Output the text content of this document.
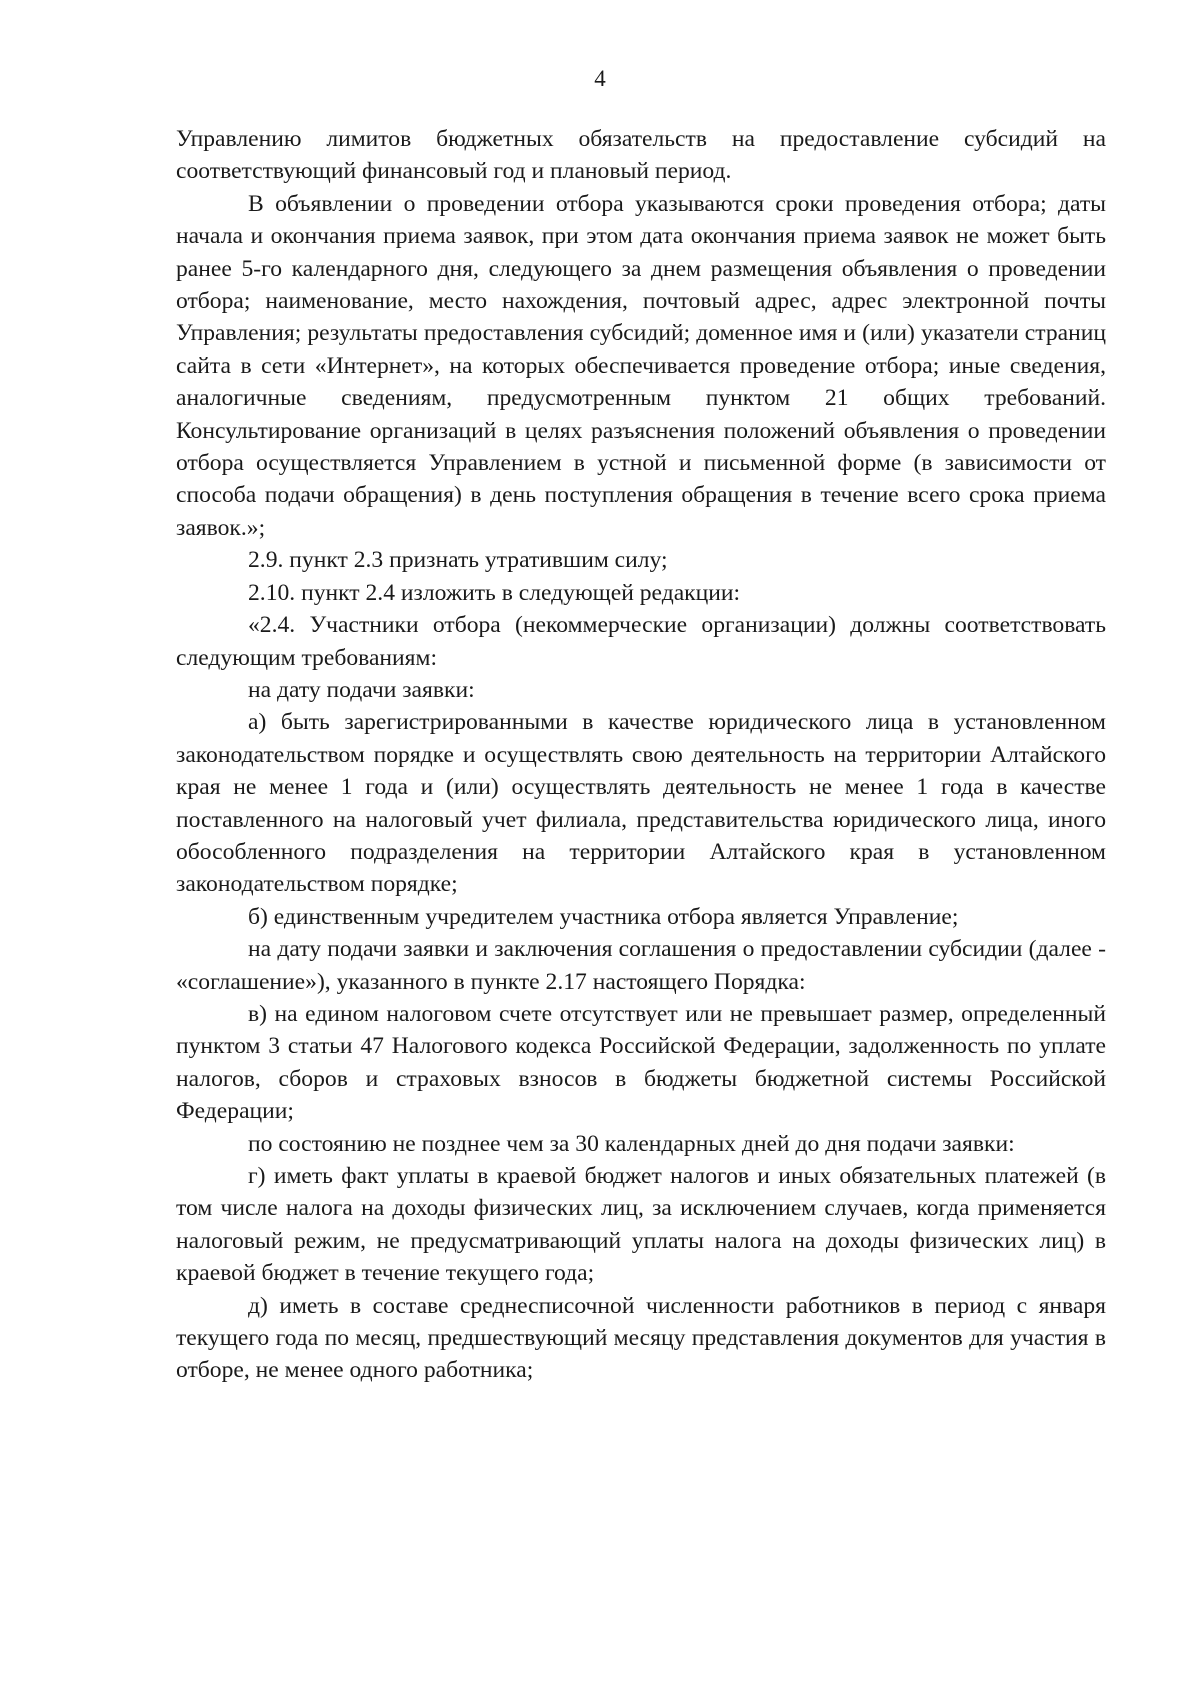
4

Управлению лимитов бюджетных обязательств на предоставление субсидий на соответствующий финансовый год и плановый период.

В объявлении о проведении отбора указываются сроки проведения отбора; даты начала и окончания приема заявок, при этом дата окончания приема заявок не может быть ранее 5-го календарного дня, следующего за днем размещения объявления о проведении отбора; наименование, место нахождения, почтовый адрес, адрес электронной почты Управления; результаты предоставления субсидий; доменное имя и (или) указатели страниц сайта в сети «Интернет», на которых обеспечивается проведение отбора; иные сведения, аналогичные сведениям, предусмотренным пунктом 21 общих требований. Консультирование организаций в целях разъяснения положений объявления о проведении отбора осуществляется Управлением в устной и письменной форме (в зависимости от способа подачи обращения) в день поступления обращения в течение всего срока приема заявок.»;

2.9. пункт 2.3 признать утратившим силу;

2.10. пункт 2.4 изложить в следующей редакции:

«2.4. Участники отбора (некоммерческие организации) должны соответствовать следующим требованиям:

на дату подачи заявки:

а) быть зарегистрированными в качестве юридического лица в установленном законодательством порядке и осуществлять свою деятельность на территории Алтайского края не менее 1 года и (или) осуществлять деятельность не менее 1 года в качестве поставленного на налоговый учет филиала, представительства юридического лица, иного обособленного подразделения на территории Алтайского края в установленном законодательством порядке;

б) единственным учредителем участника отбора является Управление;

на дату подачи заявки и заключения соглашения о предоставлении субсидии (далее - «соглашение»), указанного в пункте 2.17 настоящего Порядка:

в) на едином налоговом счете отсутствует или не превышает размер, определенный пунктом 3 статьи 47 Налогового кодекса Российской Федерации, задолженность по уплате налогов, сборов и страховых взносов в бюджеты бюджетной системы Российской Федерации;

по состоянию не позднее чем за 30 календарных дней до дня подачи заявки:

г) иметь факт уплаты в краевой бюджет налогов и иных обязательных платежей (в том числе налога на доходы физических лиц, за исключением случаев, когда применяется налоговый режим, не предусматривающий уплаты налога на доходы физических лиц) в краевой бюджет в течение текущего года;

д) иметь в составе среднесписочной численности работников в период с января текущего года по месяц, предшествующий месяцу представления документов для участия в отборе, не менее одного работника;
